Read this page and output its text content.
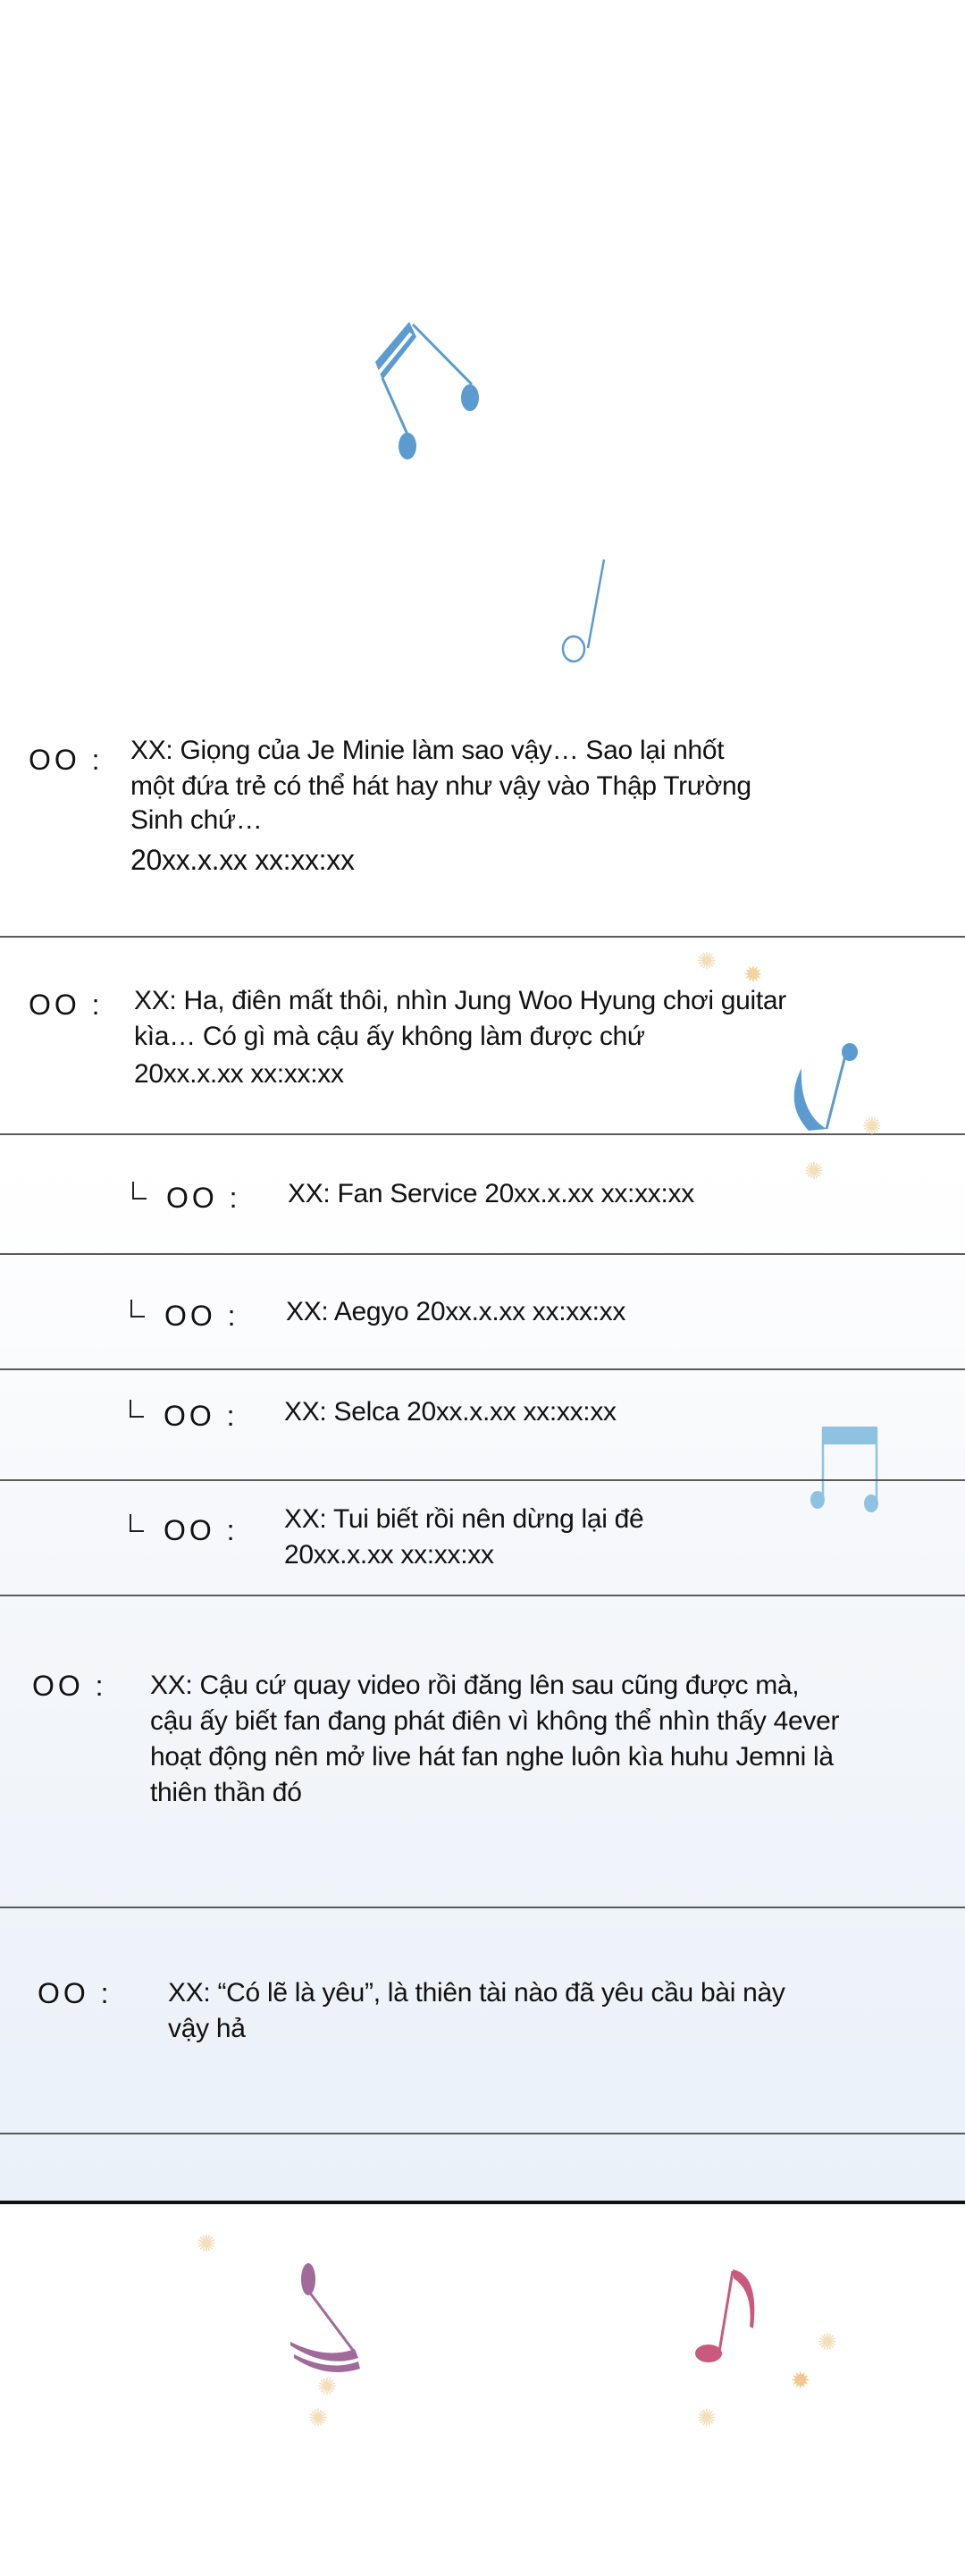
ΟΟ : XX: Giọng của Je Minie làm sao vậy… Sao lại nhốt
một đứa trẻ có thể hát hay như vậy vào Thập Trường
Sinh chứ…
20xx.x.xx xx:xx:xx
✺ ✹
ΟΟ : XX: Ha, điên mất thôi, nhìn Jung Woo Hyung chơi guitar
kìa… Có gì mà cậu ấy không làm được chứ
20xx.x.xx xx:xx:xx
✺
✺
ΟΟ : XX: Fan Service 20xx.x.xx xx:xx:xx
ΟΟ : XX: Aegyo 20xx.x.xx xx:xx:xx
ΟΟ : XX: Selca 20xx.x.xx xx:xx:xx
ΟΟ : XX: Tui biết rồi nên dừng lại đê
20xx.x.xx xx:xx:xx
ΟΟ : XX: Cậu cứ quay video rồi đăng lên sau cũng được mà,
cậu ấy biết fan đang phát điên vì không thể nhìn thấy 4ever
hoạt động nên mở live hát fan nghe luôn kìa huhu Jemni là
thiên thần đó
ΟΟ : XX: “Có lẽ là yêu”, là thiên tài nào đã yêu cầu bài này
vậy hả
✺
✺
✺
✺
✹
✺
